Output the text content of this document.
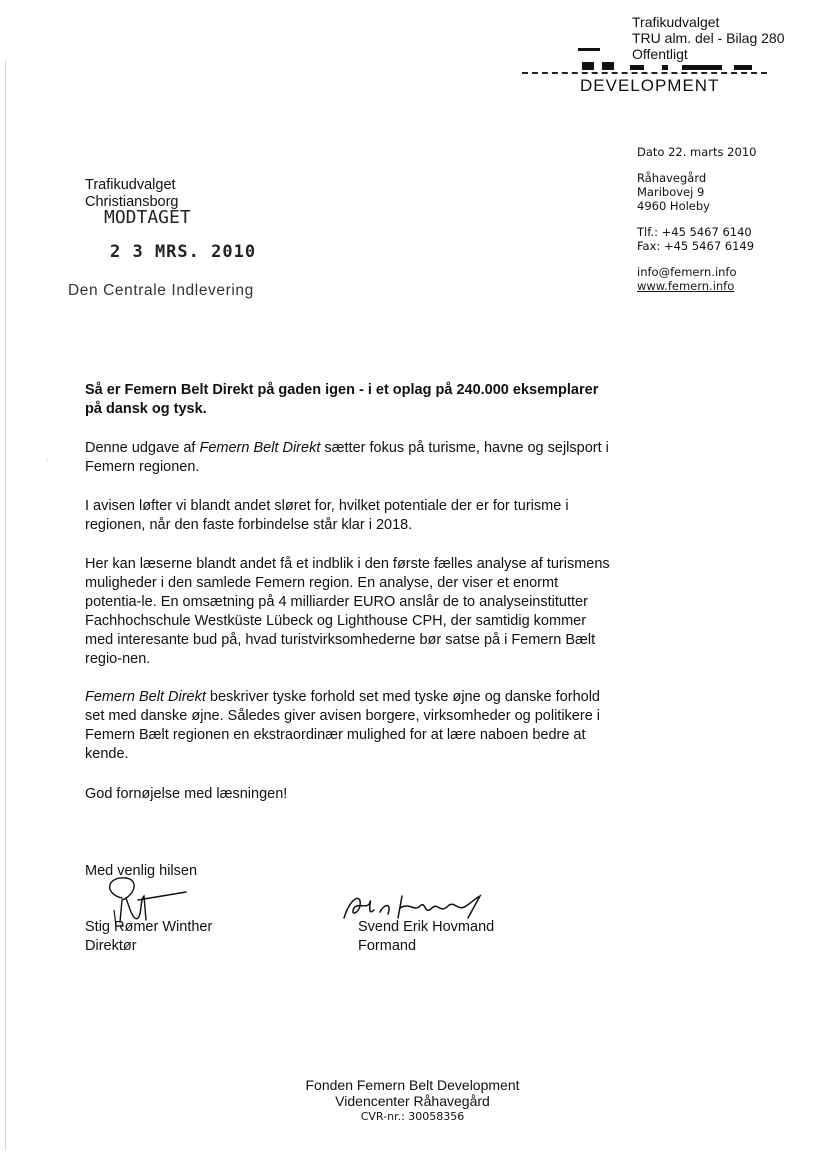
Trafikudvalget
TRU alm. del - Bilag 280
Offentligt
DEVELOPMENT
Dato 22. marts 2010
Råhavegård
Maribovej 9
4960 Holeby
Tlf.: +45 5467 6140
Fax: +45 5467 6149
info@femern.info
www.femern.info
Trafikudvalget
Christiansborg
MODTAGET
2 3 MRS. 2010
Den Centrale Indlevering
˙
Så er Femern Belt Direkt på gaden igen - i et oplag på 240.000 eksemplarer på dansk og tysk.
Denne udgave af Femern Belt Direkt sætter fokus på turisme, havne og sejlsport i Femern regionen.
I avisen løfter vi blandt andet sløret for, hvilket potentiale der er for turisme i regionen, når den faste forbindelse står klar i 2018.
Her kan læserne blandt andet få et indblik i den første fælles analyse af turismens muligheder i den samlede Femern region. En analyse, der viser et enormt potentia-le. En omsætning på 4 milliarder EURO anslår de to analyseinstitutter Fachhochschule Westküste Lübeck og Lighthouse CPH, der samtidig kommer med interesante bud på, hvad turistvirksomhederne bør satse på i Femern Bælt regio-nen.
Femern Belt Direkt beskriver tyske forhold set med tyske øjne og danske forhold set med danske øjne. Således giver avisen borgere, virksomheder og politikere i Femern Bælt regionen en ekstraordinær mulighed for at lære naboen bedre at kende.
God fornøjelse med læsningen!
Med venlig hilsen
Stig Rømer Winther
Direktør
Svend Erik Hovmand
Formand
Fonden Femern Belt Development
Videncenter Råhavegård
CVR-nr.: 30058356
